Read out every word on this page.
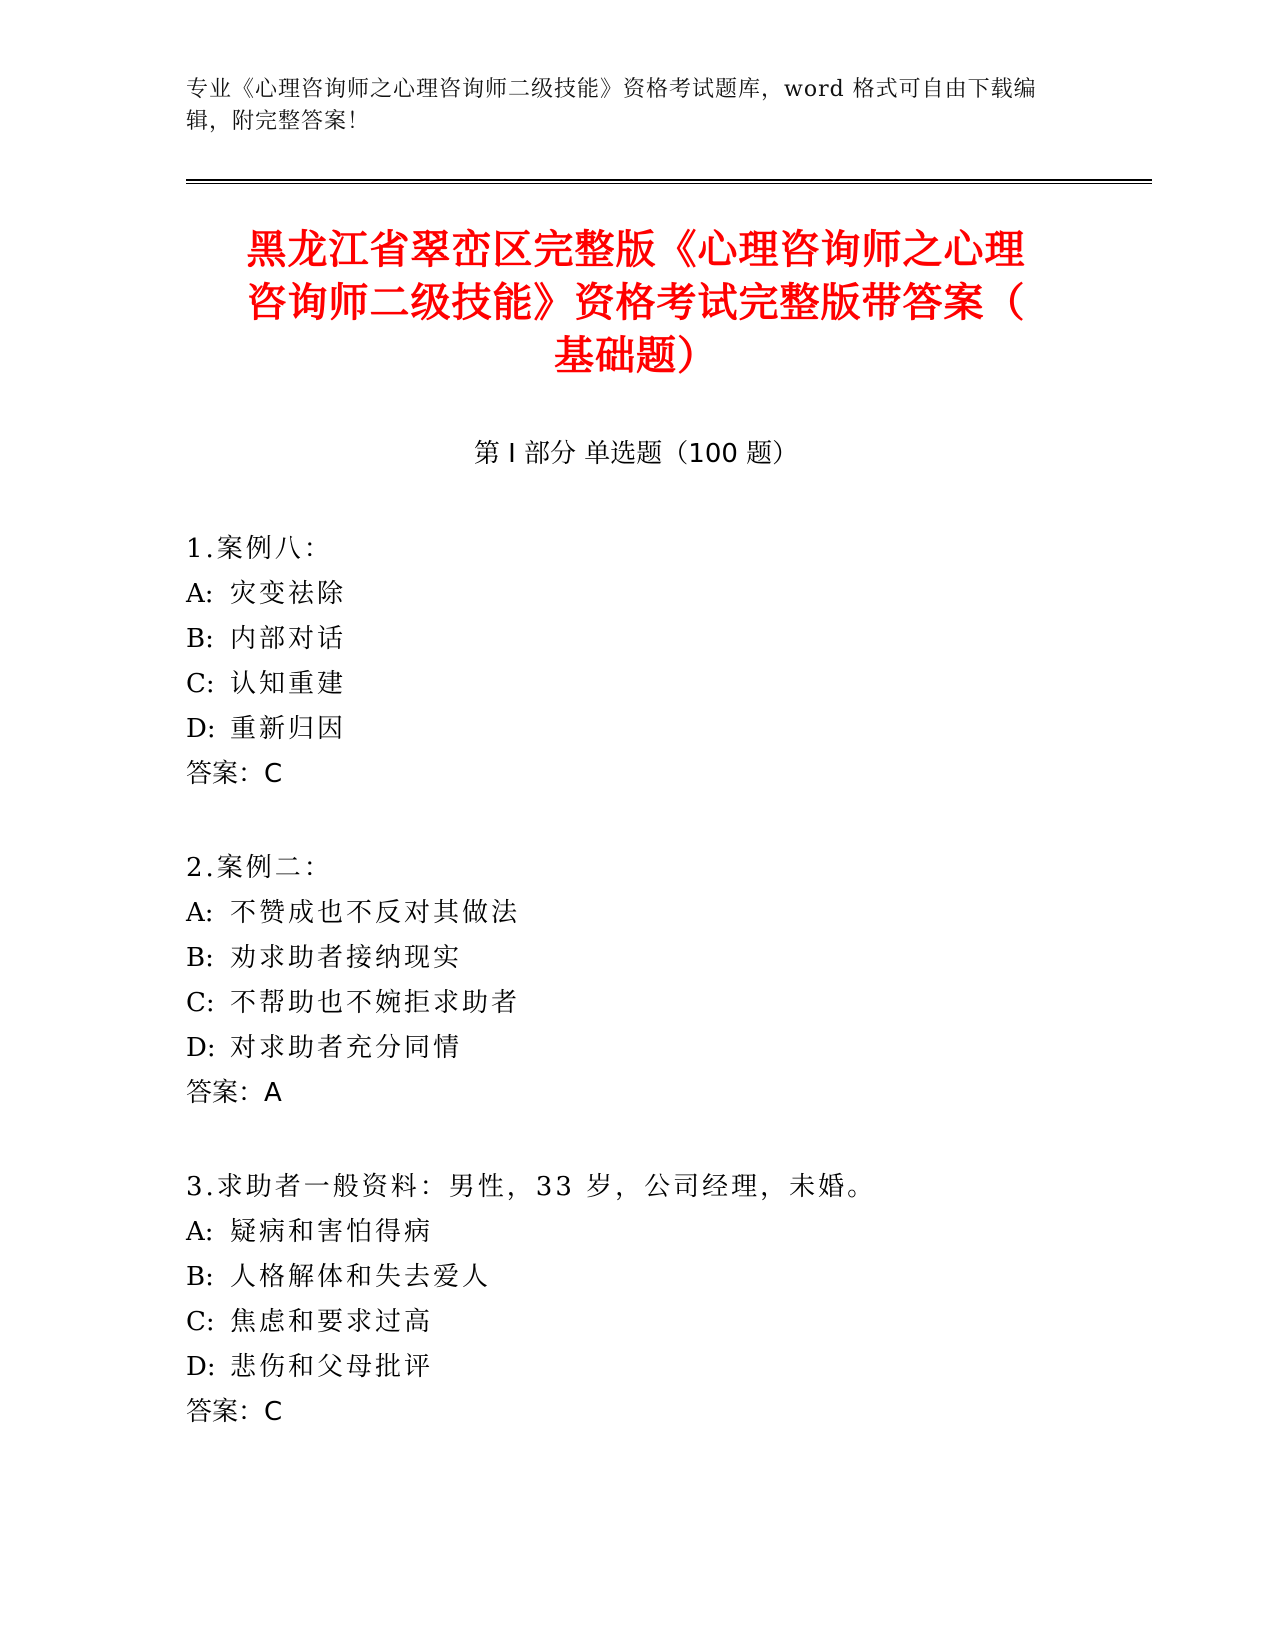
专业《心理咨询师之心理咨询师二级技能》资格考试题库，word 格式可自由下载编辑，附完整答案！
黑龙江省翠峦区完整版《心理咨询师之心理
咨询师二级技能》资格考试完整版带答案（
基础题）
第 I 部分 单选题（100 题）
1.案例八：
A: 灾变祛除
B: 内部对话
C: 认知重建
D: 重新归因
答案：C
2.案例二：
A: 不赞成也不反对其做法
B: 劝求助者接纳现实
C: 不帮助也不婉拒求助者
D: 对求助者充分同情
答案：A
3.求助者一般资料：男性，33 岁，公司经理，未婚。
A: 疑病和害怕得病
B: 人格解体和失去爱人
C: 焦虑和要求过高
D: 悲伤和父母批评
答案：C
